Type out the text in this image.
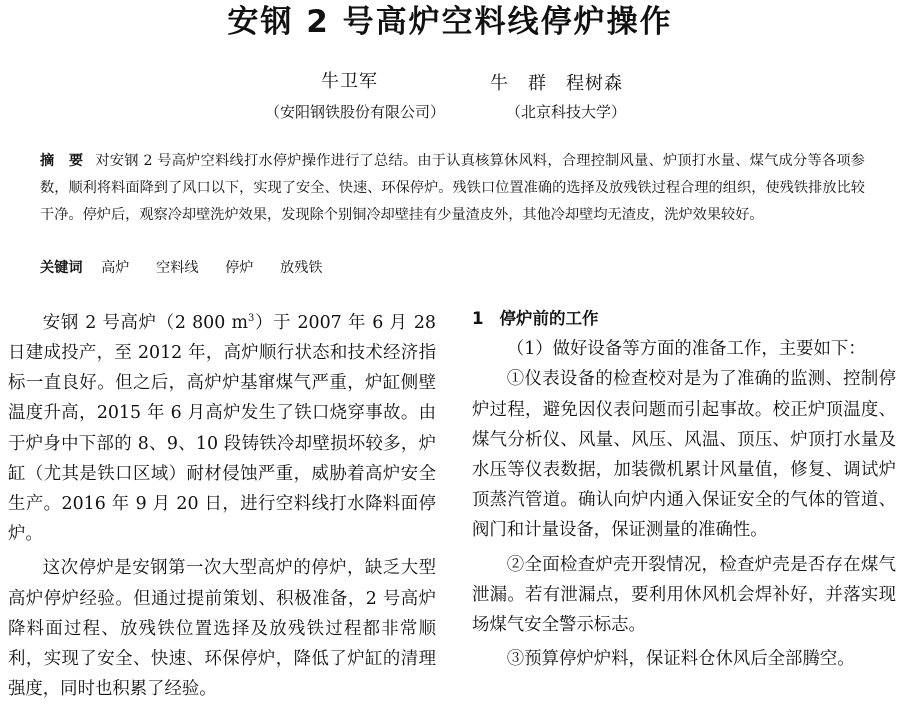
安钢 2 号高炉空料线停炉操作
牛卫军	牛　群　程树森
（安阳钢铁股份有限公司）	（北京科技大学）
摘　要 对安钢 2 号高炉空料线打水停炉操作进行了总结。由于认真核算休风料，合理控制风量、炉顶打水量、煤气成分等各项参数，顺利将料面降到了风口以下，实现了安全、快速、环保停炉。残铁口位置准确的选择及放残铁过程合理的组织，使残铁排放比较干净。停炉后，观察冷却壁洗炉效果，发现除个别铜冷却壁挂有少量渣皮外，其他冷却壁均无渣皮，洗炉效果较好。
关键词 高炉 空料线 停炉 放残铁

安钢 2 号高炉（2 800 $m^3$）于 2007 年 6 月 28 日建成投产，至 2012 年，高炉顺行状态和技术经济指标一直良好。但之后，高炉炉基窜煤气严重，炉缸侧壁温度升高，2015 年 6 月高炉发生了铁口烧穿事故。由于炉身中下部的 8、9、10 段铸铁冷却壁损坏较多，炉缸（尤其是铁口区域）耐材侵蚀严重，威胁着高炉安全生产。2016 年 9 月 20 日，进行空料线打水降料面停炉。

这次停炉是安钢第一次大型高炉的停炉，缺乏大型高炉停炉经验。但通过提前策划、积极准备，2 号高炉降料面过程、放残铁位置选择及放残铁过程都非常顺利，实现了安全、快速、环保停炉，降低了炉缸的清理强度，同时也积累了经验。

1 停炉前的工作

（1）做好设备等方面的准备工作，主要如下：

①仪表设备的检查校对是为了准确的监测、控制停炉过程，避免因仪表问题而引起事故。校正炉顶温度、煤气分析仪、风量、风压、风温、顶压、炉顶打水量及水压等仪表数据，加装微机累计风量值，修复、调试炉顶蒸汽管道。确认向炉内通入保证安全的气体的管道、阀门和计量设备，保证测量的准确性。

②全面检查炉壳开裂情况，检查炉壳是否存在煤气泄漏。若有泄漏点，要利用休风机会焊补好，并落实现场煤气安全警示标志。

③预算停炉炉料，保证料仓休风后全部腾空。
